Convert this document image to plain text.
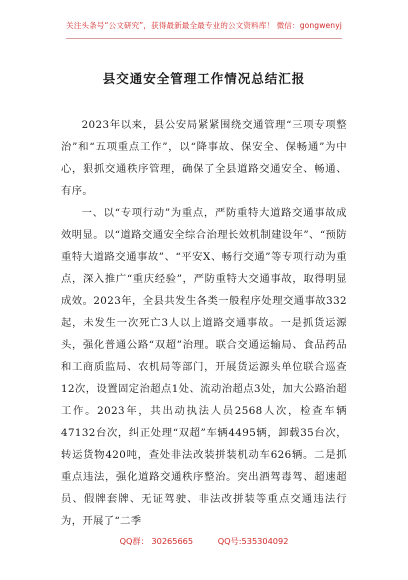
关注头条号“公文研究”，获得最新最全最专业的公文资料库！ 微信：gongwenyj
县交通安全管理工作情况总结汇报

2023年以来，县公安局紧紧围绕交通管理“三项专项整治”和“五项重点工作”，以“降事故、保安全、保畅通”为中心，狠抓交通秩序管理，确保了全县道路交通安全、畅通、有序。

一、以“专项行动”为重点，严防重特大道路交通事故成效明显。以“道路交通安全综合治理长效机制建设年”、“预防重特大道路交通事故”、“平安X、畅行交通”等专项行动为重点，深入推广“重庆经验”，严防重特大交通事故，取得明显成效。2023年，全县共发生各类一般程序处理交通事故332起，未发生一次死亡3人以上道路交通事故。一是抓货运源头，强化普通公路“双超”治理。联合交通运输局、食品药品和工商质监局、农机局等部门，开展货运源头单位联合巡查12次，设置固定治超点1处、流动治超点3处，加大公路治超工作。2023年，共出动执法人员2568人次，检查车辆47132台次，纠正处理“双超”车辆4495辆，卸载35台次，转运货物420吨，查处非法改装拼装机动车626辆。二是抓重点违法，强化道路交通秩序整治。突出酒驾毒驾、超速超员、假牌套牌、无证驾驶、非法改拼装等重点交通违法行为，开展了“二季

QQ群： 30265665	QQ号:535304092
